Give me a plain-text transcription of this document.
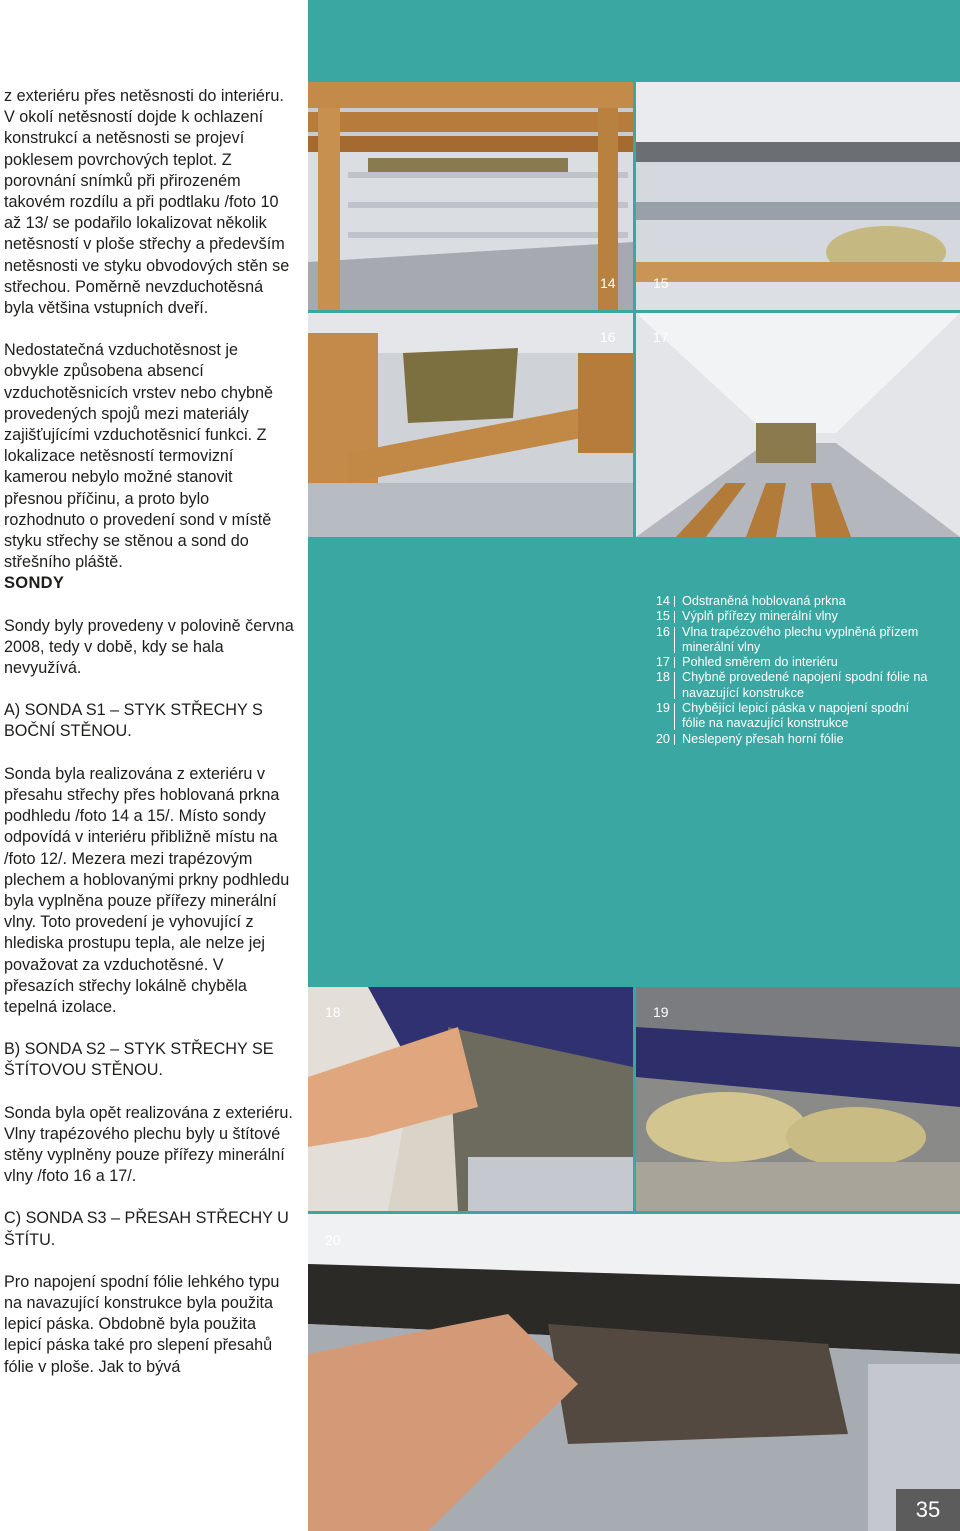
z exteriéru přes netěsnosti do interiéru. V okolí netěsností dojde k ochlazení konstrukcí a netěsnosti se projeví poklesem povrchových teplot. Z porovnání snímků při přirozeném takovém rozdílu a při podtlaku /foto 10 až 13/ se podařilo lokalizovat několik netěsností v ploše střechy a především netěsnosti ve styku obvodových stěn se střechou. Poměrně nevzduchotěsná byla většina vstupních dveří.

Nedostatečná vzduchotěsnost je obvykle způsobena absencí vzduchotěsnicích vrstev nebo chybně provedených spojů mezi materiály zajišťujícími vzduchotěsnicí funkci. Z lokalizace netěsností termovizní kamerou nebylo možné stanovit přesnou příčinu, a proto bylo rozhodnuto o provedení sond v místě styku střechy se stěnou a sond do střešního pláště.

SONDY

Sondy byly provedeny v polovině června 2008, tedy v době, kdy se hala nevyužívá.

A) SONDA S1 – STYK STŘECHY S BOČNÍ STĚNOU.

Sonda byla realizována z exteriéru v přesahu střechy přes hoblovaná prkna podhledu /foto 14 a 15/. Místo sondy odpovídá v interiéru přibližně místu na /foto 12/. Mezera mezi trapézovým plechem a hoblovanými prkny podhledu byla vyplněna pouze přířezy minerální vlny. Toto provedení je vyhovující z hlediska prostupu tepla, ale nelze jej považovat za vzduchotěsné. V přesazích střechy lokálně chyběla tepelná izolace.

B) SONDA S2 – STYK STŘECHY SE ŠTÍTOVOU STĚNOU.

Sonda byla opět realizována z exteriéru. Vlny trapézového plechu byly u štítové stěny vyplněny pouze přířezy minerální vlny /foto 16 a 17/.

C) SONDA S3 – PŘESAH STŘECHY U ŠTÍTU.

Pro napojení spodní fólie lehkého typu na navazující konstrukce byla použita lepicí páska. Obdobně byla použita lepicí páska také pro slepení přesahů fólie v ploše. Jak to bývá

14	15
16	17
14 Odstraněná hoblovaná prkna
15 Výplň přířezy minerální vlny
16 Vlna trapézového plechu vyplněná přízem minerální vlny
17 Pohled směrem do interiéru
18 Chybně provedené napojení spodní fólie na navazující konstrukce
19 Chybějící lepicí páska v napojení spodní fólie na navazující konstrukce
20 Neslepený přesah horní fólie
18	19
20
35
